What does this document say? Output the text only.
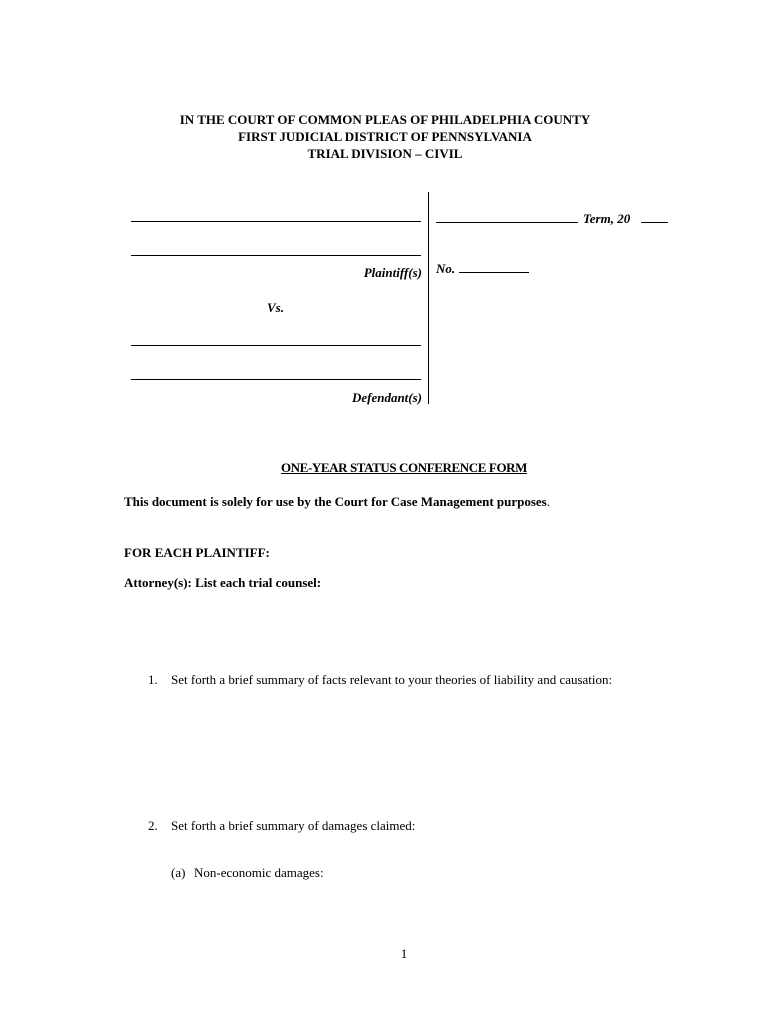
IN THE COURT OF COMMON PLEAS OF PHILADELPHIA COUNTY
FIRST JUDICIAL DISTRICT OF PENNSYLVANIA
TRIAL DIVISION – CIVIL
Plaintiff(s)
Vs.
Defendant(s)
Term, 20
No.
ONE-YEAR STATUS CONFERENCE FORM
This document is solely for use by the Court for Case Management purposes.
FOR EACH PLAINTIFF:
Attorney(s): List each trial counsel:
1. Set forth a brief summary of facts relevant to your theories of liability and causation:
2. Set forth a brief summary of damages claimed:
(a) Non-economic damages:
1
